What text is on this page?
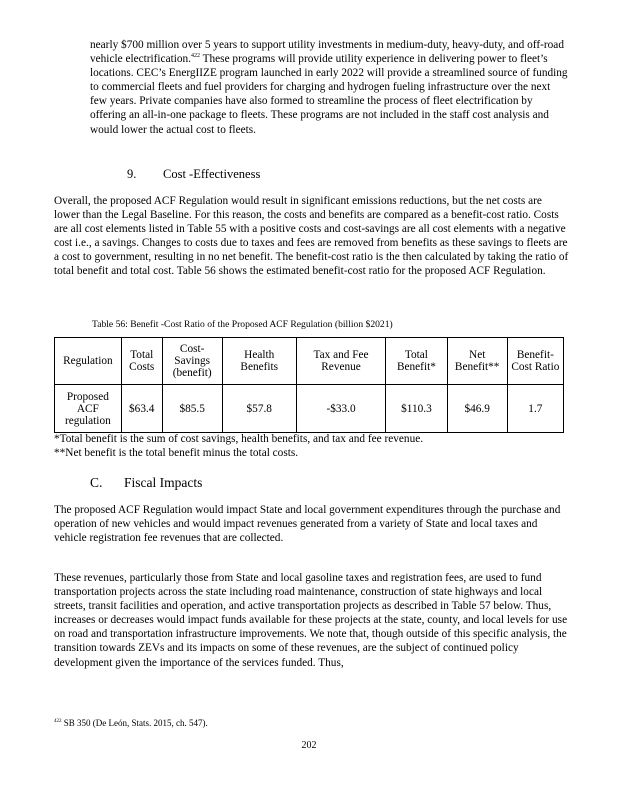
nearly $700 million over 5 years to support utility investments in medium-duty, heavy-duty, and off-road vehicle electrification.$^{422}$ These programs will provide utility experience in delivering power to fleet’s locations. CEC’s EnergIIZE program launched in early 2022 will provide a streamlined source of funding to commercial fleets and fuel providers for charging and hydrogen fueling infrastructure over the next few years. Private companies have also formed to streamline the process of fleet electrification by offering an all-in-one package to fleets. These programs are not included in the staff cost analysis and would lower the actual cost to fleets.

9. Cost -Effectiveness

Overall, the proposed ACF Regulation would result in significant emissions reductions, but the net costs are lower than the Legal Baseline. For this reason, the costs and benefits are compared as a benefit-cost ratio. Costs are all cost elements listed in Table 55 with a positive costs and cost-savings are all cost elements with a negative cost i.e., a savings. Changes to costs due to taxes and fees are removed from benefits as these savings to fleets are a cost to government, resulting in no net benefit. The benefit-cost ratio is the then calculated by taking the ratio of total benefit and total cost. Table 56 shows the estimated benefit-cost ratio for the proposed ACF Regulation.

Table 56: Benefit -Cost Ratio of the Proposed ACF Regulation (billion $2021)
Regulation	Total Costs	Cost-Savings (benefit)	Health Benefits	Tax and Fee Revenue	Total Benefit*	Net Benefit**	Benefit-Cost Ratio
Proposed ACF regulation	$63.4	$85.5	$57.8	-$33.0	$110.3	$46.9	1.7
*Total benefit is the sum of cost savings, health benefits, and tax and fee revenue.
**Net benefit is the total benefit minus the total costs.
C. Fiscal Impacts

The proposed ACF Regulation would impact State and local government expenditures through the purchase and operation of new vehicles and would impact revenues generated from a variety of State and local taxes and vehicle registration fee revenues that are collected.

These revenues, particularly those from State and local gasoline taxes and registration fees, are used to fund transportation projects across the state including road maintenance, construction of state highways and local streets, transit facilities and operation, and active transportation projects as described in Table 57 below. Thus, increases or decreases would impact funds available for these projects at the state, county, and local levels for use on road and transportation infrastructure improvements. We note that, though outside of this specific analysis, the transition towards ZEVs and its impacts on some of these revenues, are the subject of continued policy development given the importance of the services funded. Thus,

$^{422}$ SB 350 (De León, Stats. 2015, ch. 547).
202
